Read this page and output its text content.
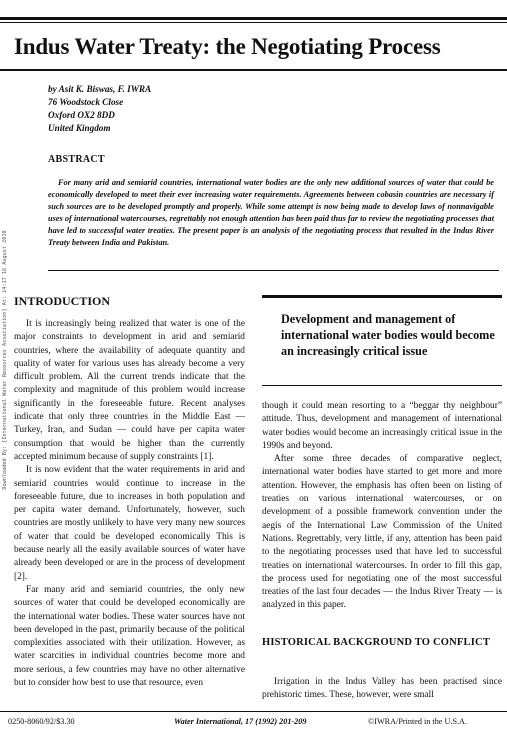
Indus Water Treaty: the Negotiating Process
by Asit K. Biswas, F. IWRA
76 Woodstock Close
Oxford OX2 8DD
United Kingdom
ABSTRACT

For many arid and semiarid countries, international water bodies are the only new additional sources of water that could be economically developed to meet their ever increasing water requirements. Agreements between cobasin countries are necessary if such sources are to be developed promptly and properly. While some attempt is now being made to develop laws of nonnavigable uses of international watercourses, regrettably not enough attention has been paid thus far to review the negotiating processes that have led to successful water treaties. The present paper is an analysis of the negotiating process that resulted in the Indus River Treaty between India and Pakistan.

Downloaded By: [International Water Resources Association] At: 14:17 16 August 2010 INTRODUCTION

It is increasingly being realized that water is one of the major constraints to development in arid and semiarid countries, where the availability of adequate quantity and quality of water for various uses has already become a very difficult problem. All the current trends indicate that the complexity and magnitude of this problem would increase significantly in the foreseeable future. Recent analyses indicate that only three countries in the Middle East — Turkey, Iran, and Sudan — could have per capita water consumption that would be higher than the currently accepted minimum because of supply constraints [1].

It is now evident that the water requirements in arid and semiarid countries would continue to increase in the foreseeable future, due to increases in both population and per capita water demand. Unfortunately, however, such countries are mostly unlikely to have very many new sources of water that could be developed economically This is because nearly all the easily available sources of water have already been developed or are in the process of development [2].

Far many arid and semiarid countries, the only new sources of water that could be developed economically are the international water bodies. These water sources have not been developed in the past, primarily because of the political complexities associated with their utilization. However, as water scarcities in individual countries become more and more serious, a few countries may have no other alternative but to consider how best to use that resource, even

Development and management of international water bodies would become an increasingly critical issue

though it could mean resorting to a “beggar thy neighbour” attitude. Thus, development and management of international water bodies would become an increasingly critical issue in the 1990s and beyond.

After some three decades of comparative neglect, international water bodies have started to get more and more attention. However, the emphasis has often been on listing of treaties on various international watercourses, or on development of a possible framework convention under the aegis of the International Law Commission of the United Nations. Regrettably, very little, if any, attention has been paid to the negotiating processes used that have led to successful treaties on international watercourses. In order to fill this gap, the process used for negotiating one of the most successful treaties of the last four decades — the Indus River Treaty — is analyzed in this paper.

HISTORICAL BACKGROUND TO CONFLICT

Irrigation in the Indus Valley has been practised since prehistoric times. These, however, were small

0250-8060/92/$3.30	Water International, 17 (1992) 201-209	©IWRA/Printed in the U.S.A.
